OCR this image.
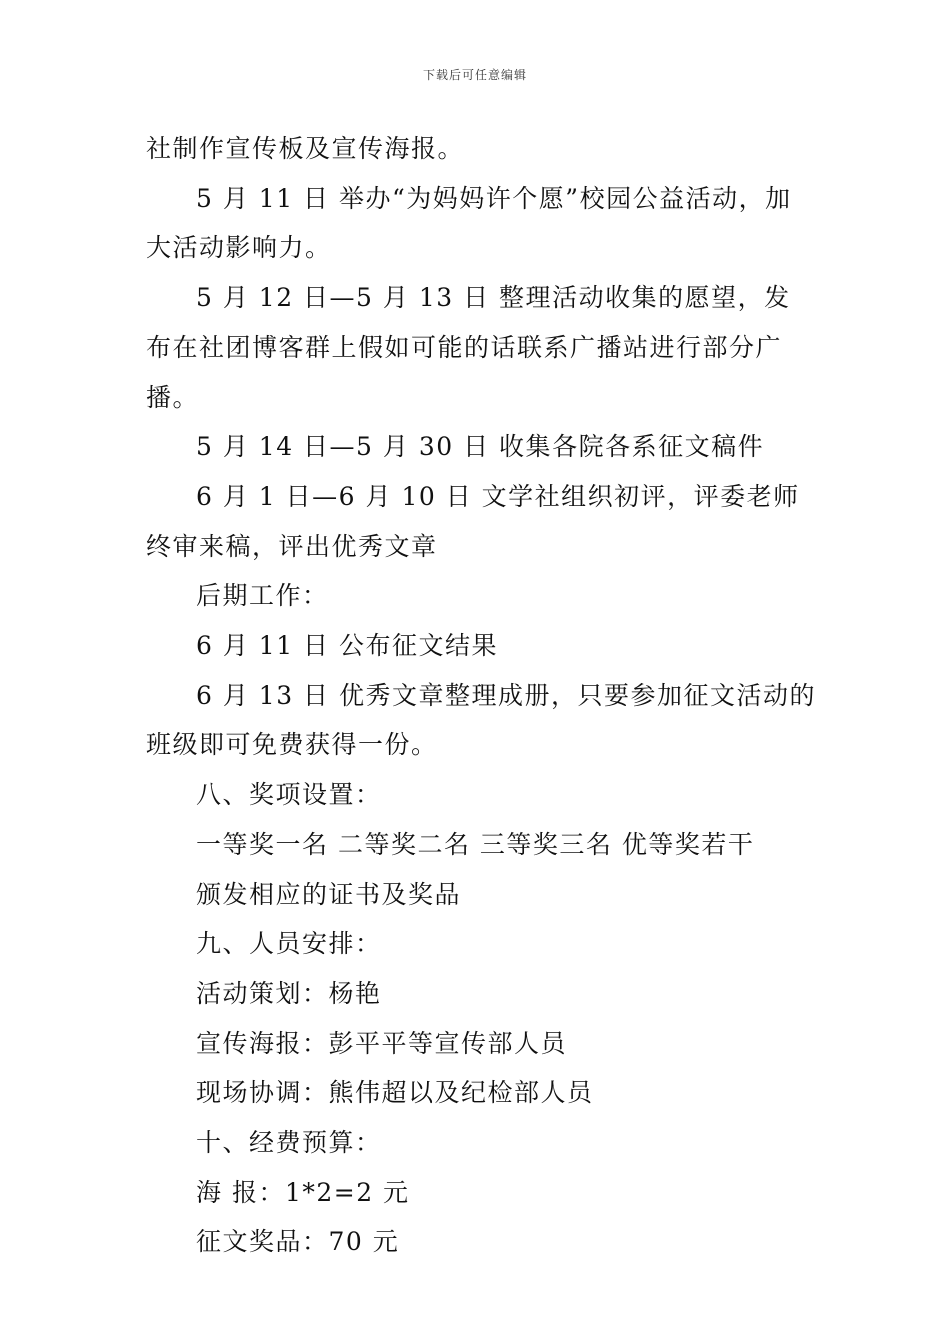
下载后可任意编辑

社制作宣传板及宣传海报。

5 月 11 日 举办“为妈妈许个愿”校园公益活动，加大活动影响力。

5 月 12 日—5 月 13 日 整理活动收集的愿望，发布在社团博客群上假如可能的话联系广播站进行部分广播。

5 月 14 日—5 月 30 日 收集各院各系征文稿件

6 月 1 日—6 月 10 日 文学社组织初评，评委老师终审来稿，评出优秀文章

后期工作：

6 月 11 日 公布征文结果

6 月 13 日 优秀文章整理成册，只要参加征文活动的班级即可免费获得一份。

八、奖项设置：

一等奖一名 二等奖二名 三等奖三名 优等奖若干

颁发相应的证书及奖品

九、人员安排：

活动策划：杨艳

宣传海报：彭平平等宣传部人员

现场协调：熊伟超以及纪检部人员

十、经费预算：

海 报：1*2=2 元

征文奖品：70 元
